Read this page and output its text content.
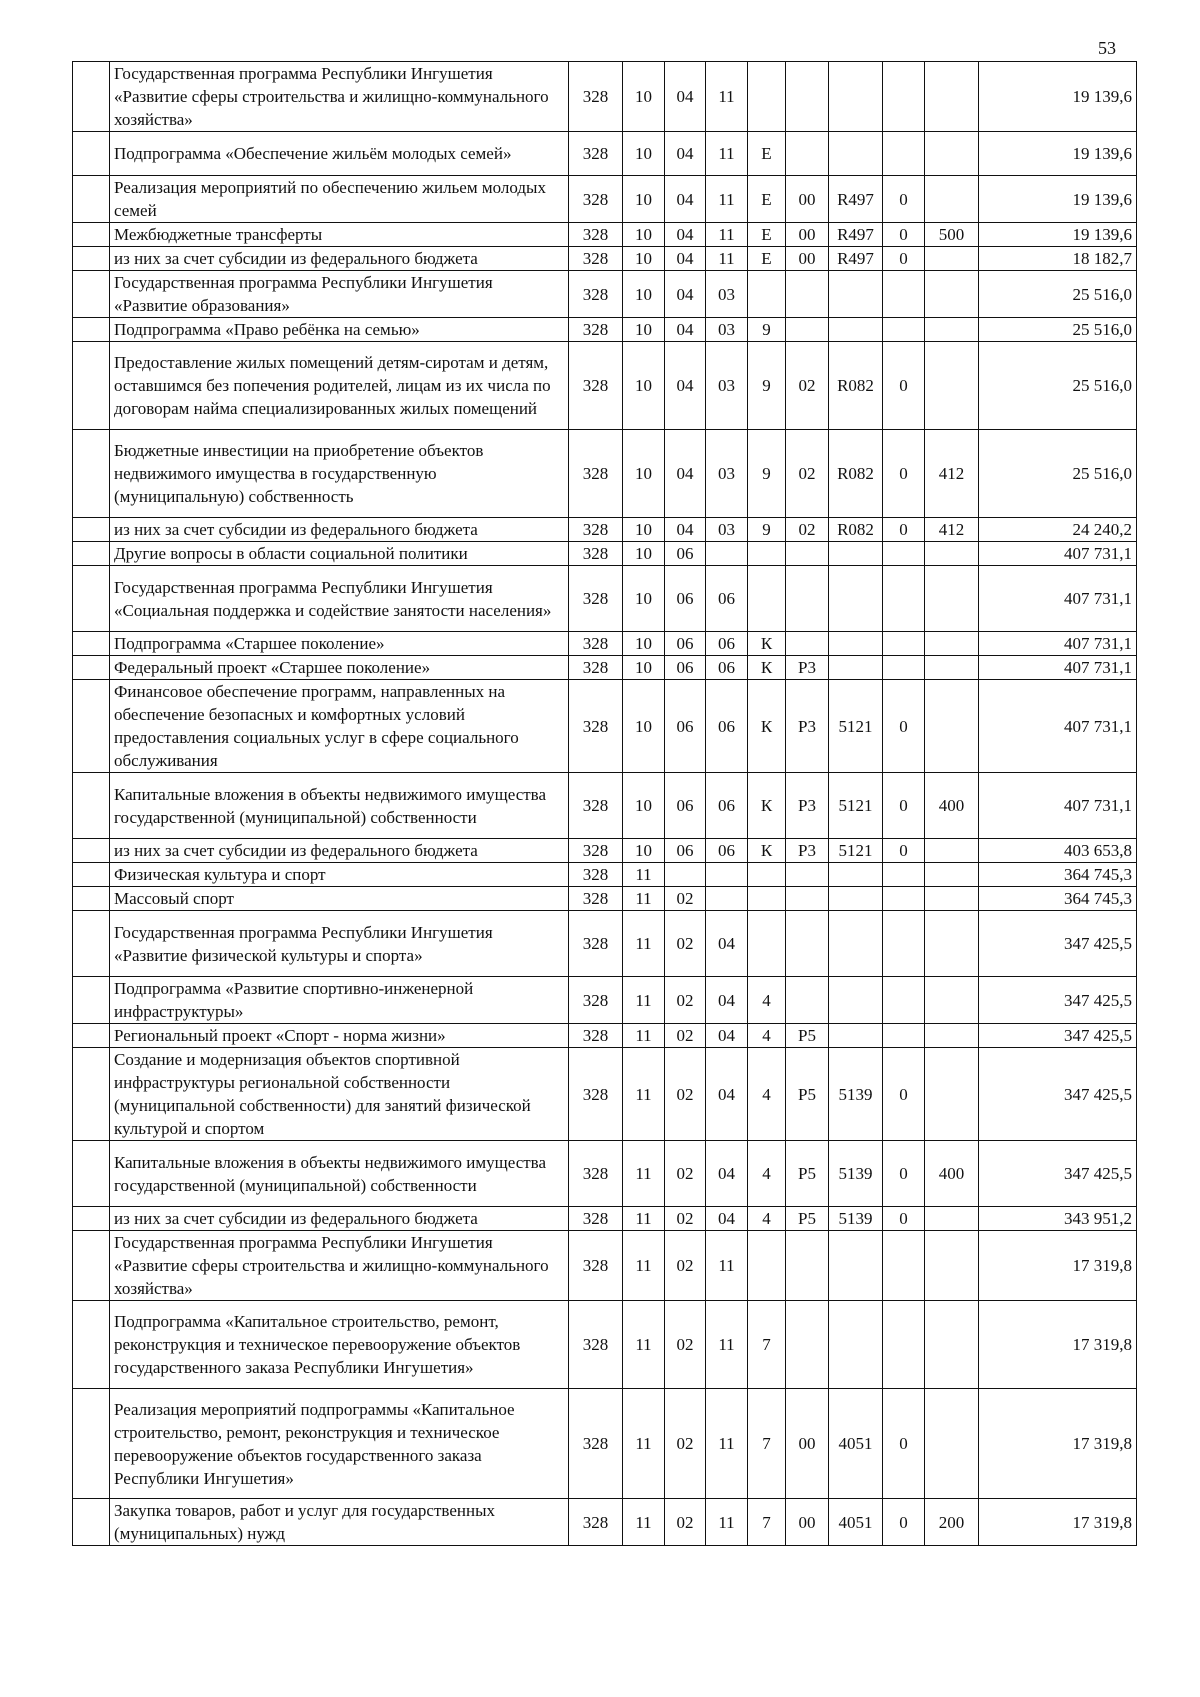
53
	Государственная программа Республики Ингушетия «Развитие сферы строительства и жилищно-коммунального хозяйства»	328	10	04	11						19 139,6
	Подпрограмма «Обеспечение жильём молодых семей»	328	10	04	11	Е					19 139,6
	Реализация мероприятий по обеспечению жильем молодых семей	328	10	04	11	Е	00	R497	0		19 139,6
	Межбюджетные трансферты	328	10	04	11	Е	00	R497	0	500	19 139,6
	из них за счет субсидии из федерального бюджета	328	10	04	11	Е	00	R497	0		18 182,7
	Государственная программа Республики Ингушетия «Развитие образования»	328	10	04	03						25 516,0
	Подпрограмма «Право ребёнка на семью»	328	10	04	03	9					25 516,0
	Предоставление жилых помещений детям-сиротам и детям, оставшимся без попечения родителей, лицам из их числа по договорам найма специализированных жилых помещений	328	10	04	03	9	02	R082	0		25 516,0
	Бюджетные инвестиции на приобретение объектов недвижимого имущества в государственную (муниципальную) собственность	328	10	04	03	9	02	R082	0	412	25 516,0
	из них за счет субсидии из федерального бюджета	328	10	04	03	9	02	R082	0	412	24 240,2
	Другие вопросы в области социальной политики	328	10	06							407 731,1
	Государственная программа Республики Ингушетия «Социальная поддержка и содействие занятости населения»	328	10	06	06						407 731,1
	Подпрограмма «Старшее поколение»	328	10	06	06	К					407 731,1
	Федеральный проект «Старшее поколение»	328	10	06	06	К	Р3				407 731,1
	Финансовое обеспечение программ, направленных на обеспечение безопасных и комфортных условий предоставления социальных услуг в сфере социального обслуживания	328	10	06	06	К	Р3	5121	0		407 731,1
	Капитальные вложения в объекты недвижимого имущества государственной (муниципальной) собственности	328	10	06	06	К	Р3	5121	0	400	407 731,1
	из них за счет субсидии из федерального бюджета	328	10	06	06	К	Р3	5121	0		403 653,8
	Физическая культура и спорт	328	11								364 745,3
	Массовый спорт	328	11	02							364 745,3
	Государственная программа Республики Ингушетия «Развитие физической культуры и спорта»	328	11	02	04						347 425,5
	Подпрограмма «Развитие спортивно-инженерной инфраструктуры»	328	11	02	04	4					347 425,5
	Региональный проект «Спорт - норма жизни»	328	11	02	04	4	Р5				347 425,5
	Создание и модернизация объектов спортивной инфраструктуры региональной собственности (муниципальной собственности) для занятий физической культурой и спортом	328	11	02	04	4	Р5	5139	0		347 425,5
	Капитальные вложения в объекты недвижимого имущества государственной (муниципальной) собственности	328	11	02	04	4	Р5	5139	0	400	347 425,5
	из них за счет субсидии из федерального бюджета	328	11	02	04	4	Р5	5139	0		343 951,2
	Государственная программа Республики Ингушетия «Развитие сферы строительства и жилищно-коммунального хозяйства»	328	11	02	11						17 319,8
	Подпрограмма «Капитальное строительство, ремонт, реконструкция и техническое перевооружение объектов государственного заказа Республики Ингушетия»	328	11	02	11	7					17 319,8
	Реализация мероприятий подпрограммы «Капитальное строительство, ремонт, реконструкция и техническое перевооружение объектов государственного заказа Республики Ингушетия»	328	11	02	11	7	00	4051	0		17 319,8
	Закупка товаров, работ и услуг для государственных (муниципальных) нужд	328	11	02	11	7	00	4051	0	200	17 319,8
